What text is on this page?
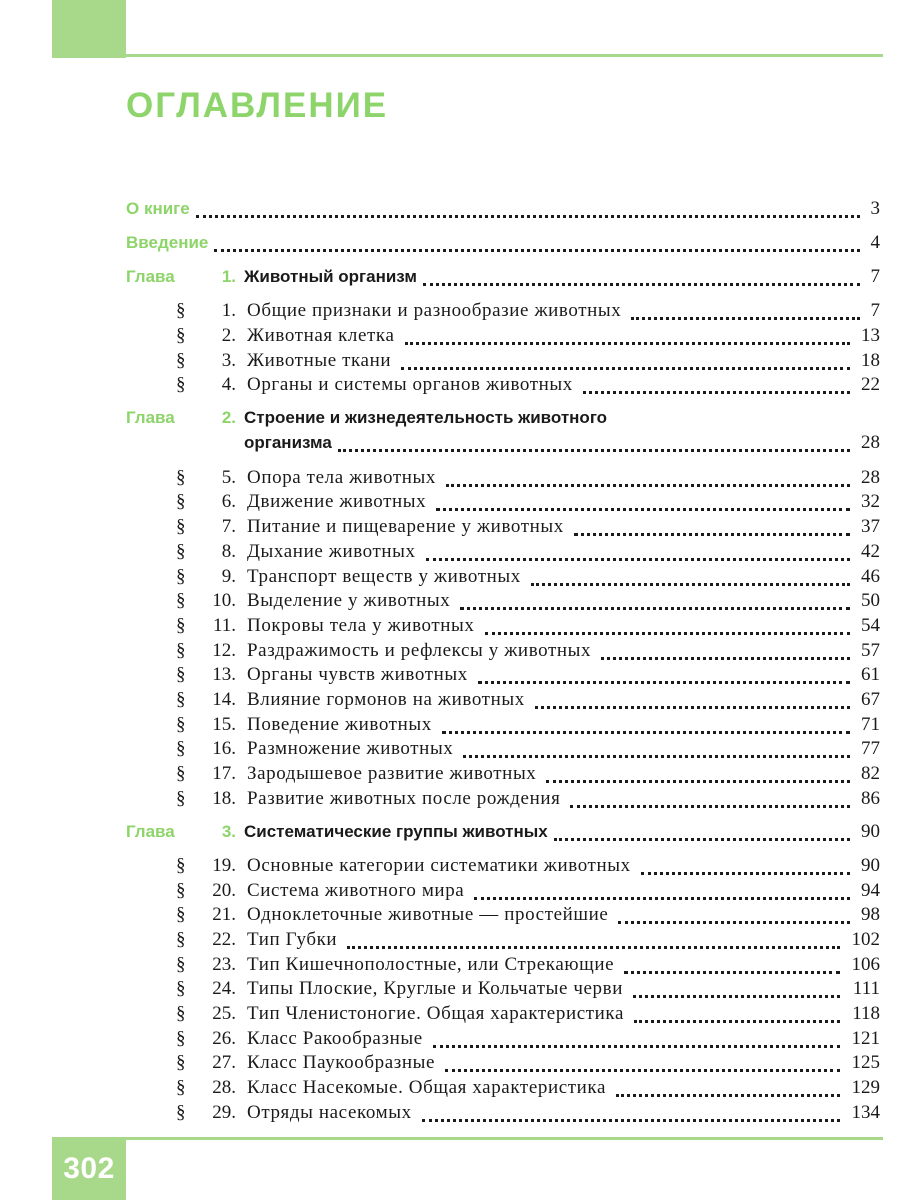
ОГЛАВЛЕНИЕ
О книге	3
Введение	4
Глава	1. Животный организм	7
§	1. Общие признаки и разнообразие животных	7
§	2. Животная клетка	13
§	3. Животные ткани	18
§	4. Органы и системы органов животных	22
Глава	2. Строение и жизнедеятельность животного
организма	28
§	5. Опора тела животных	28
§	6. Движение животных	32
§	7. Питание и пищеварение у животных	37
§	8. Дыхание животных	42
§	9. Транспорт веществ у животных	46
§	10. Выделение у животных	50
§	11. Покровы тела у животных	54
§	12. Раздражимость и рефлексы у животных	57
§	13. Органы чувств животных	61
§	14. Влияние гормонов на животных	67
§	15. Поведение животных	71
§	16. Размножение животных	77
§	17. Зародышевое развитие животных	82
§	18. Развитие животных после рождения	86
Глава	3. Систематические группы животных	90
§	19. Основные категории систематики животных	90
§	20. Система животного мира	94
§	21. Одноклеточные животные — простейшие	98
§	22. Тип Губки	102
§	23. Тип Кишечнополостные, или Стрекающие	106
§	24. Типы Плоские, Круглые и Кольчатые черви	111
§	25. Тип Членистоногие. Общая характеристика	118
§	26. Класс Ракообразные	121
§	27. Класс Паукообразные	125
§	28. Класс Насекомые. Общая характеристика	129
§	29. Отряды насекомых	134
302
